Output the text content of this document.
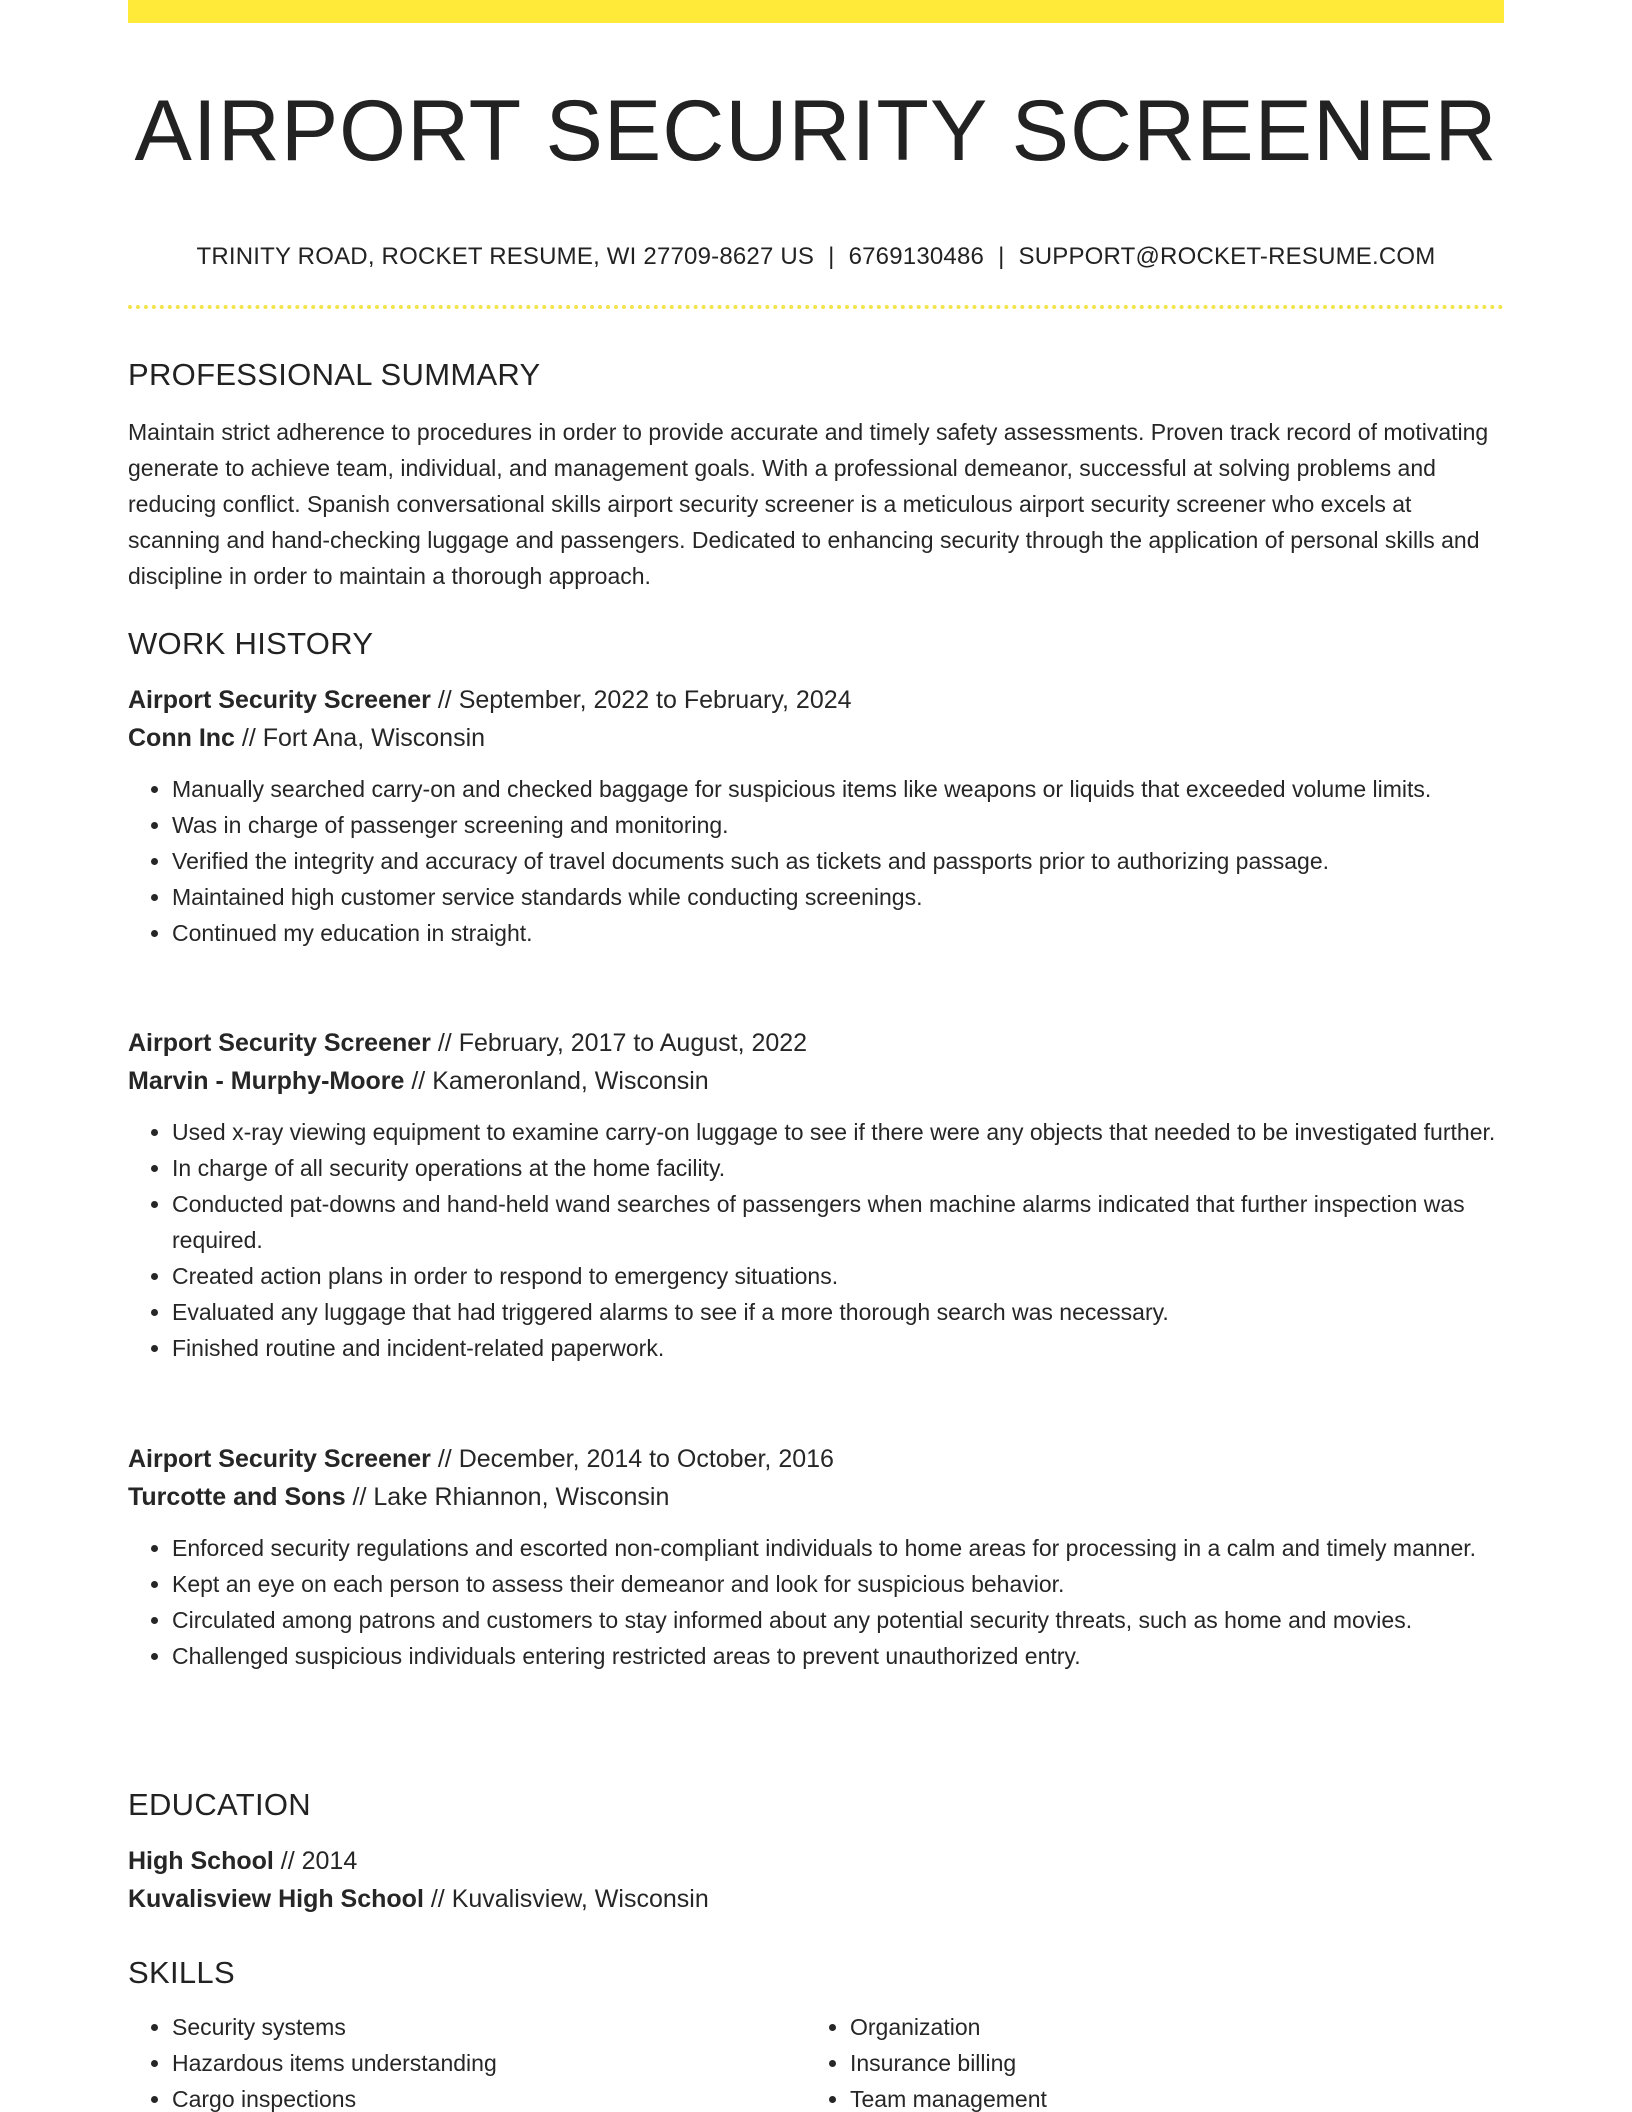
AIRPORT SECURITY SCREENER
TRINITY ROAD, ROCKET RESUME, WI 27709-8627 US | 6769130486 | SUPPORT@ROCKET-RESUME.COM
PROFESSIONAL SUMMARY

Maintain strict adherence to procedures in order to provide accurate and timely safety assessments. Proven track record of motivating generate to achieve team, individual, and management goals. With a professional demeanor, successful at solving problems and reducing conflict. Spanish conversational skills airport security screener is a meticulous airport security screener who excels at scanning and hand-checking luggage and passengers. Dedicated to enhancing security through the application of personal skills and discipline in order to maintain a thorough approach.

WORK HISTORY
Airport Security Screener // September, 2022 to February, 2024
Conn Inc // Fort Ana, Wisconsin
• Manually searched carry-on and checked baggage for suspicious items like weapons or liquids that exceeded volume limits.
• Was in charge of passenger screening and monitoring.
• Verified the integrity and accuracy of travel documents such as tickets and passports prior to authorizing passage.
• Maintained high customer service standards while conducting screenings.
• Continued my education in straight.
Airport Security Screener // February, 2017 to August, 2022
Marvin - Murphy-Moore // Kameronland, Wisconsin
• Used x-ray viewing equipment to examine carry-on luggage to see if there were any objects that needed to be investigated further.
• In charge of all security operations at the home facility.
• Conducted pat-downs and hand-held wand searches of passengers when machine alarms indicated that further inspection was required.
• Created action plans in order to respond to emergency situations.
• Evaluated any luggage that had triggered alarms to see if a more thorough search was necessary.
• Finished routine and incident-related paperwork.
Airport Security Screener // December, 2014 to October, 2016
Turcotte and Sons // Lake Rhiannon, Wisconsin
• Enforced security regulations and escorted non-compliant individuals to home areas for processing in a calm and timely manner.
• Kept an eye on each person to assess their demeanor and look for suspicious behavior.
• Circulated among patrons and customers to stay informed about any potential security threats, such as home and movies.
• Challenged suspicious individuals entering restricted areas to prevent unauthorized entry.
EDUCATION
High School // 2014
Kuvalisview High School // Kuvalisview, Wisconsin
SKILLS
• Security systems
• Hazardous items understanding
• Cargo inspections
• Organization
• Insurance billing
• Team management
